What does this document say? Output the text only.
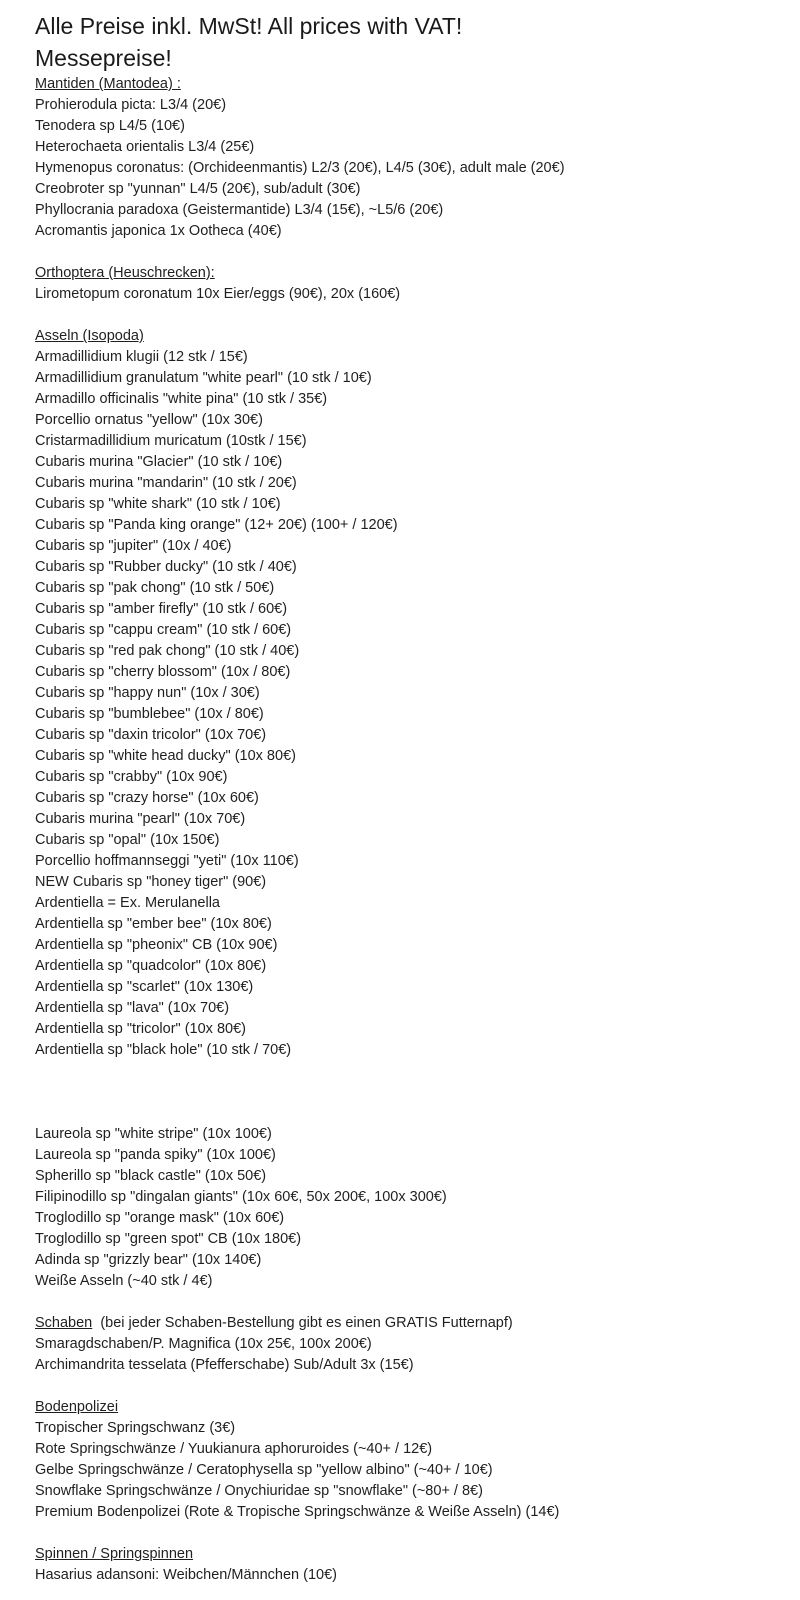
Alle Preise inkl. MwSt! All prices with VAT!
Messepreise!
Mantiden (Mantodea) :
Prohierodula picta: L3/4 (20€)
Tenodera sp L4/5 (10€)
Heterochaeta orientalis L3/4 (25€)
Hymenopus coronatus: (Orchideenmantis) L2/3 (20€), L4/5 (30€), adult male (20€)
Creobroter sp "yunnan" L4/5 (20€), sub/adult (30€)
Phyllocrania paradoxa (Geistermantide) L3/4 (15€), ~L5/6 (20€)
Acromantis japonica 1x Ootheca (40€)
Orthoptera (Heuschrecken):
Lirometopum coronatum 10x Eier/eggs (90€), 20x (160€)
Asseln (Isopoda)
Armadillidium klugii (12 stk / 15€)
Armadillidium granulatum "white pearl" (10 stk / 10€)
Armadillo officinalis "white pina" (10 stk / 35€)
Porcellio ornatus "yellow" (10x 30€)
Cristarmadillidium muricatum (10stk / 15€)
Cubaris murina "Glacier" (10 stk / 10€)
Cubaris murina "mandarin" (10 stk / 20€)
Cubaris sp "white shark" (10 stk / 10€)
Cubaris sp "Panda king orange" (12+ 20€) (100+ / 120€)
Cubaris sp "jupiter" (10x / 40€)
Cubaris sp "Rubber ducky" (10 stk / 40€)
Cubaris sp "pak chong" (10 stk / 50€)
Cubaris sp "amber firefly" (10 stk / 60€)
Cubaris sp "cappu cream" (10 stk / 60€)
Cubaris sp "red pak chong" (10 stk / 40€)
Cubaris sp "cherry blossom" (10x / 80€)
Cubaris sp "happy nun" (10x / 30€)
Cubaris sp "bumblebee" (10x / 80€)
Cubaris sp "daxin tricolor" (10x 70€)
Cubaris sp "white head ducky" (10x 80€)
Cubaris sp "crabby" (10x 90€)
Cubaris sp "crazy horse" (10x 60€)
Cubaris murina "pearl" (10x 70€)
Cubaris sp "opal" (10x 150€)
Porcellio hoffmannseggi "yeti" (10x 110€)
NEW Cubaris sp "honey tiger" (90€)
Ardentiella = Ex. Merulanella
Ardentiella sp "ember bee" (10x 80€)
Ardentiella sp "pheonix" CB (10x 90€)
Ardentiella sp "quadcolor" (10x 80€)
Ardentiella sp "scarlet" (10x 130€)
Ardentiella sp "lava" (10x 70€)
Ardentiella sp "tricolor" (10x 80€)
Ardentiella sp "black hole" (10 stk / 70€)
Laureola sp "white stripe" (10x 100€)
Laureola sp "panda spiky" (10x 100€)
Spherillo sp "black castle" (10x 50€)
Filipinodillo sp "dingalan giants" (10x 60€, 50x 200€, 100x 300€)
Troglodillo sp "orange mask" (10x 60€)
Troglodillo sp "green spot" CB (10x 180€)
Adinda sp "grizzly bear" (10x 140€)
Weiße Asseln (~40 stk / 4€)
Schaben (bei jeder Schaben-Bestellung gibt es einen GRATIS Futternapf)
Smaragdschaben/P. Magnifica (10x 25€, 100x 200€)
Archimandrita tesselata (Pfefferschabe) Sub/Adult 3x (15€)
Bodenpolizei
Tropischer Springschwanz (3€)
Rote Springschwänze / Yuukianura aphoruroides (~40+ / 12€)
Gelbe Springschwänze / Ceratophysella sp "yellow albino" (~40+ / 10€)
Snowflake Springschwänze / Onychiuridae sp "snowflake" (~80+ / 8€)
Premium Bodenpolizei (Rote & Tropische Springschwänze & Weiße Asseln) (14€)
Spinnen / Springspinnen
Hasarius adansoni: Weibchen/Männchen (10€)
